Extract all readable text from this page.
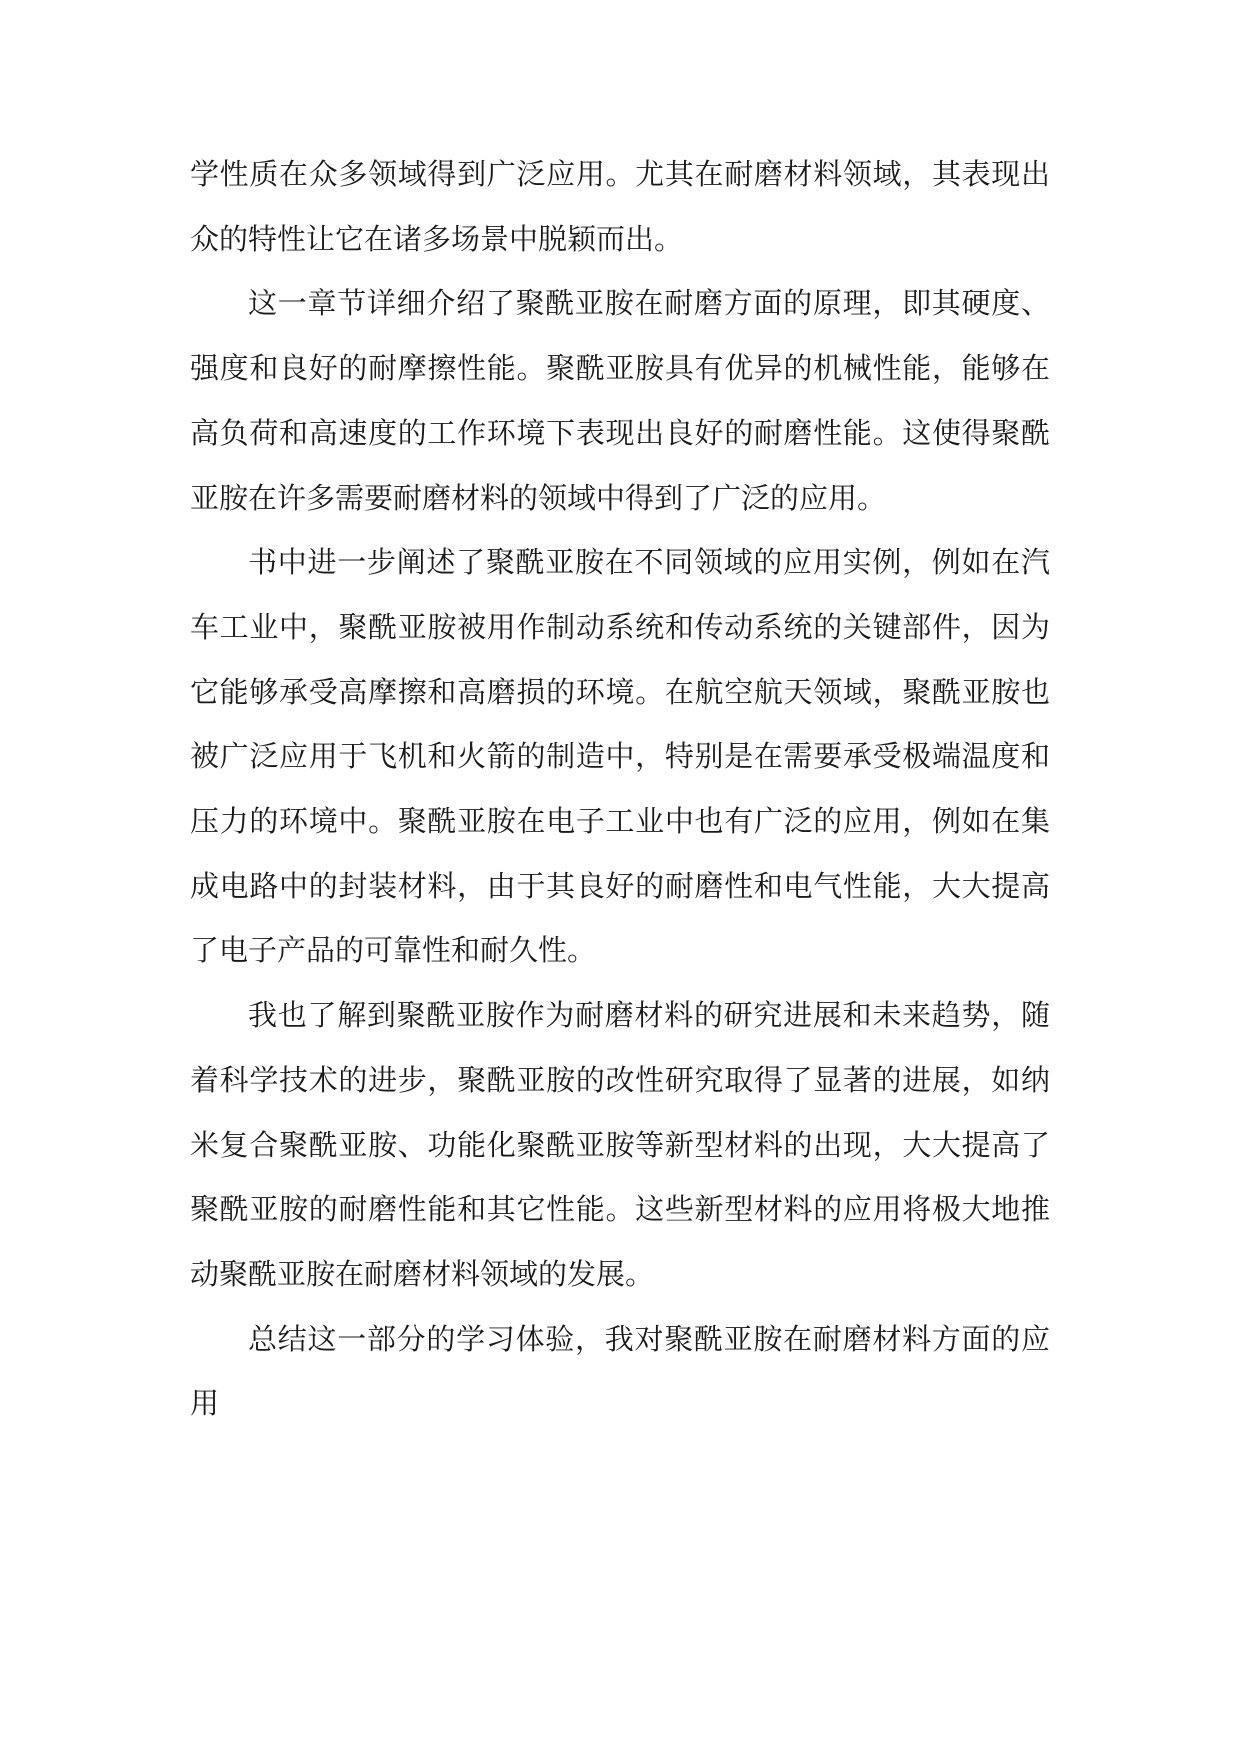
学性质在众多领域得到广泛应用。尤其在耐磨材料领域，其表现出众的特性让它在诸多场景中脱颖而出。

这一章节详细介绍了聚酰亚胺在耐磨方面的原理，即其硬度、强度和良好的耐摩擦性能。聚酰亚胺具有优异的机械性能，能够在高负荷和高速度的工作环境下表现出良好的耐磨性能。这使得聚酰亚胺在许多需要耐磨材料的领域中得到了广泛的应用。

书中进一步阐述了聚酰亚胺在不同领域的应用实例，例如在汽车工业中，聚酰亚胺被用作制动系统和传动系统的关键部件，因为它能够承受高摩擦和高磨损的环境。在航空航天领域，聚酰亚胺也被广泛应用于飞机和火箭的制造中，特别是在需要承受极端温度和压力的环境中。聚酰亚胺在电子工业中也有广泛的应用，例如在集成电路中的封装材料，由于其良好的耐磨性和电气性能，大大提高了电子产品的可靠性和耐久性。

我也了解到聚酰亚胺作为耐磨材料的研究进展和未来趋势，随着科学技术的进步，聚酰亚胺的改性研究取得了显著的进展，如纳米复合聚酰亚胺、功能化聚酰亚胺等新型材料的出现，大大提高了聚酰亚胺的耐磨性能和其它性能。这些新型材料的应用将极大地推动聚酰亚胺在耐磨材料领域的发展。

总结这一部分的学习体验，我对聚酰亚胺在耐磨材料方面的应用
